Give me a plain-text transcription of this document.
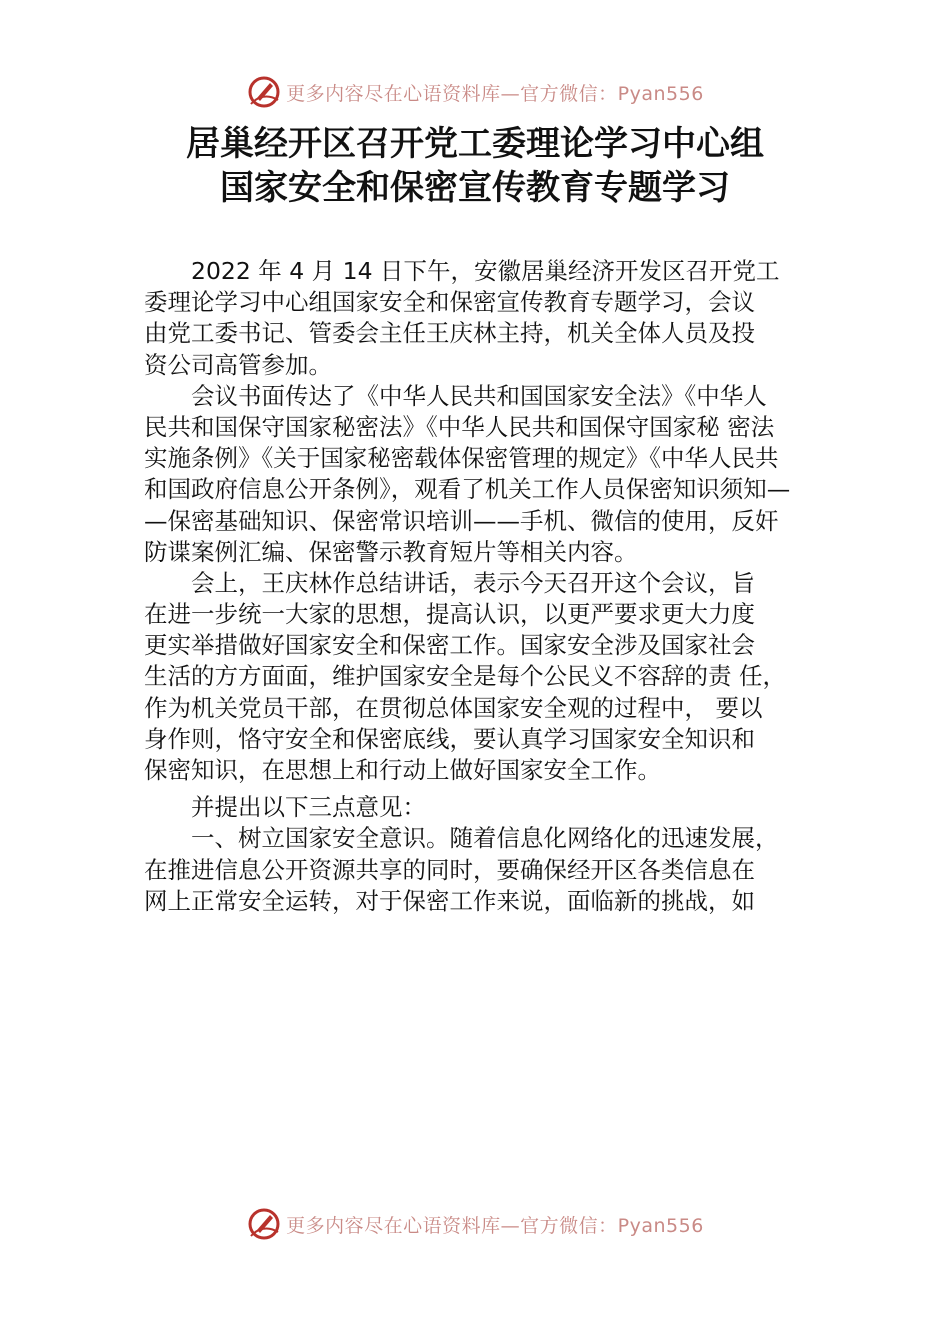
更多内容尽在心语资料库—官方微信：Pyan556
居巢经开区召开党工委理论学习中心组
国家安全和保密宣传教育专题学习
　　2022 年 4 月 14 日下午，安徽居巢经济开发区召开党工
委理论学习中心组国家安全和保密宣传教育专题学习，会议
由党工委书记、管委会主任王庆林主持，机关全体人员及投
资公司高管参加。
　　会议书面传达了《中华人民共和国国家安全法》《中华人
民共和国保守国家秘密法》《中华人民共和国保守国家秘 密法
实施条例》《关于国家秘密载体保密管理的规定》《中华人民共
和国政府信息公开条例》，观看了机关工作人员保密知识须知—
—保密基础知识、保密常识培训——手机、微信的使用，反奸
防谍案例汇编、保密警示教育短片等相关内容。
　　会上，王庆林作总结讲话，表示今天召开这个会议，旨
在进一步统一大家的思想，提高认识，以更严要求更大力度
更实举措做好国家安全和保密工作。国家安全涉及国家社会
生活的方方面面，维护国家安全是每个公民义不容辞的责 任，
作为机关党员干部，在贯彻总体国家安全观的过程中， 要以
身作则，恪守安全和保密底线，要认真学习国家安全知识和
保密知识，在思想上和行动上做好国家安全工作。
　　并提出以下三点意见：
　　一、树立国家安全意识。随着信息化网络化的迅速发展，
在推进信息公开资源共享的同时，要确保经开区各类信息在
网上正常安全运转，对于保密工作来说，面临新的挑战，如
更多内容尽在心语资料库—官方微信：Pyan556
